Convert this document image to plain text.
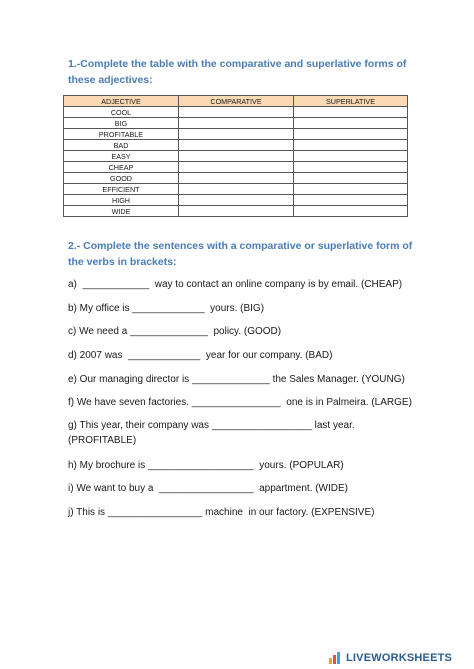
1.-Complete the table with the comparative and superlative forms of these adjectives:
ADJECTIVE	COMPARATIVE	SUPERLATIVE
COOL		
BIG		
PROFITABLE		
BAD		
EASY		
CHEAP		
GOOD		
EFFICIENT		
HIGH		
WIDE		
2.- Complete the sentences with a comparative or superlative form of the verbs in brackets:
a)  ____________  way to contact an online company is by email. (CHEAP)
b) My office is _____________  yours. (BIG)
c) We need a ______________  policy. (GOOD)
d) 2007 was  _____________  year for our company. (BAD)
e) Our managing director is ______________ the Sales Manager. (YOUNG)
f) We have seven factories. ________________  one is in Palmeira. (LARGE)
g) This year, their company was __________________ last year. (PROFITABLE)
h) My brochure is ___________________  yours. (POPULAR)
i) We want to buy a  _________________  appartment. (WIDE)
j) This is _________________ machine  in our factory. (EXPENSIVE)
LIVEWORKSHEETS
